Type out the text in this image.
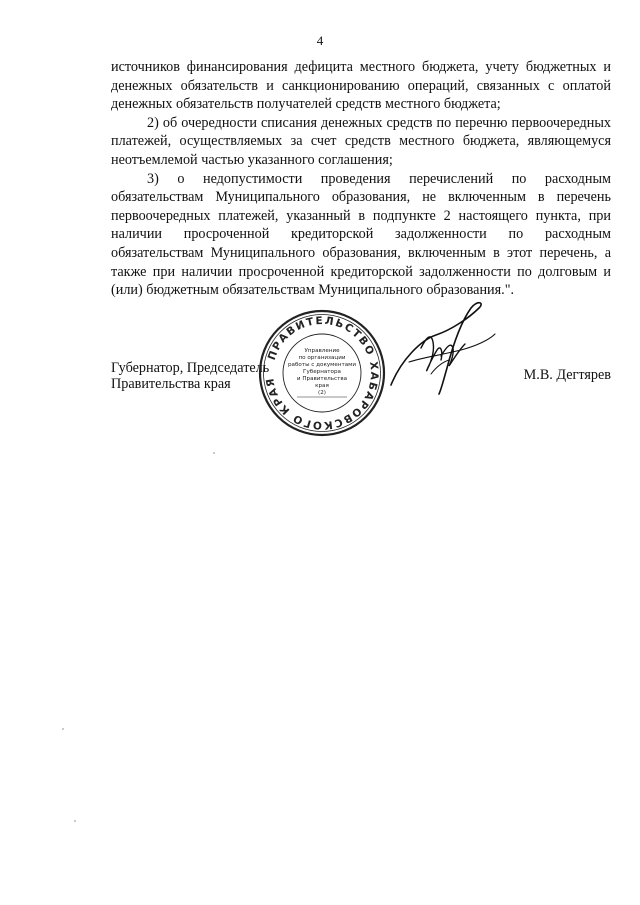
4

источников финансирования дефицита местного бюджета, учету бюджетных и денежных обязательств и санкционированию операций, связанных с оплатой денежных обязательств получателей средств местного бюджета;

2) об очередности списания денежных средств по перечню первоочередных платежей, осуществляемых за счет средств местного бюджета, являющемуся неотъемлемой частью указанного соглашения;

3) о недопустимости проведения перечислений по расходным обязательствам Муниципального образования, не включенным в перечень первоочередных платежей, указанный в подпункте 2 настоящего пункта, при наличии просроченной кредиторской задолженности по расходным обязательствам Муниципального образования, включенным в этот перечень, а также при наличии просроченной кредиторской задолженности по долговым и (или) бюджетным обязательствам Муниципального образования.".

Губернатор, Председатель
Правительства края
ПРАВИТЕЛЬСТВО ХАБАРОВСКОГО КРАЯ
Управление
по организации
работы с документами
Губернатора
и Правительства
края
(2)
М.В. Дегтярев
